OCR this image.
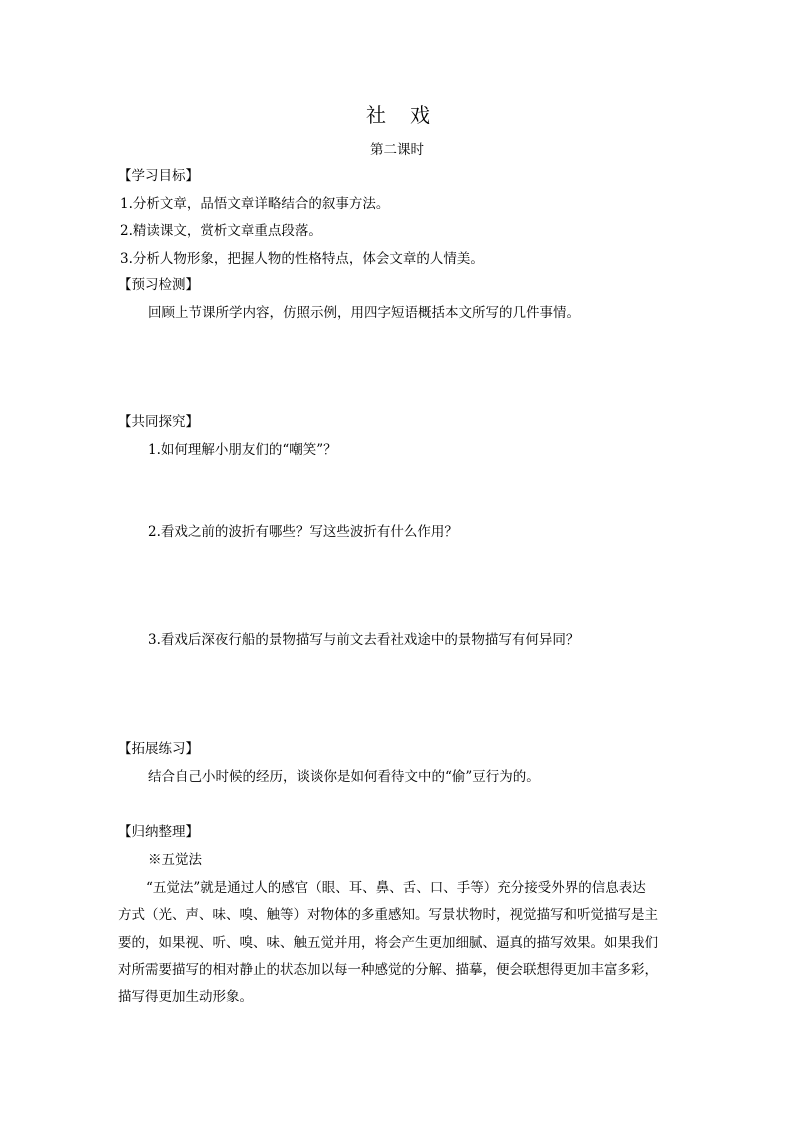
社 戏
第二课时
【学习目标】
1.分析文章，品悟文章详略结合的叙事方法。
2.精读课文，赏析文章重点段落。
3.分析人物形象，把握人物的性格特点，体会文章的人情美。
【预习检测】
回顾上节课所学内容，仿照示例，用四字短语概括本文所写的几件事情。
【共同探究】
1.如何理解小朋友们的“嘲笑”？
2.看戏之前的波折有哪些？写这些波折有什么作用？
3.看戏后深夜行船的景物描写与前文去看社戏途中的景物描写有何异同？
【拓展练习】
结合自己小时候的经历，谈谈你是如何看待文中的“偷”豆行为的。
【归纳整理】
※五觉法
“五觉法”就是通过人的感官（眼、耳、鼻、舌、口、手等）充分接受外界的信息表达
方式（光、声、味、嗅、触等）对物体的多重感知。写景状物时，视觉描写和听觉描写是主
要的，如果视、听、嗅、味、触五觉并用，将会产生更加细腻、逼真的描写效果。如果我们
对所需要描写的相对静止的状态加以每一种感觉的分解、描摹，便会联想得更加丰富多彩，
描写得更加生动形象。
